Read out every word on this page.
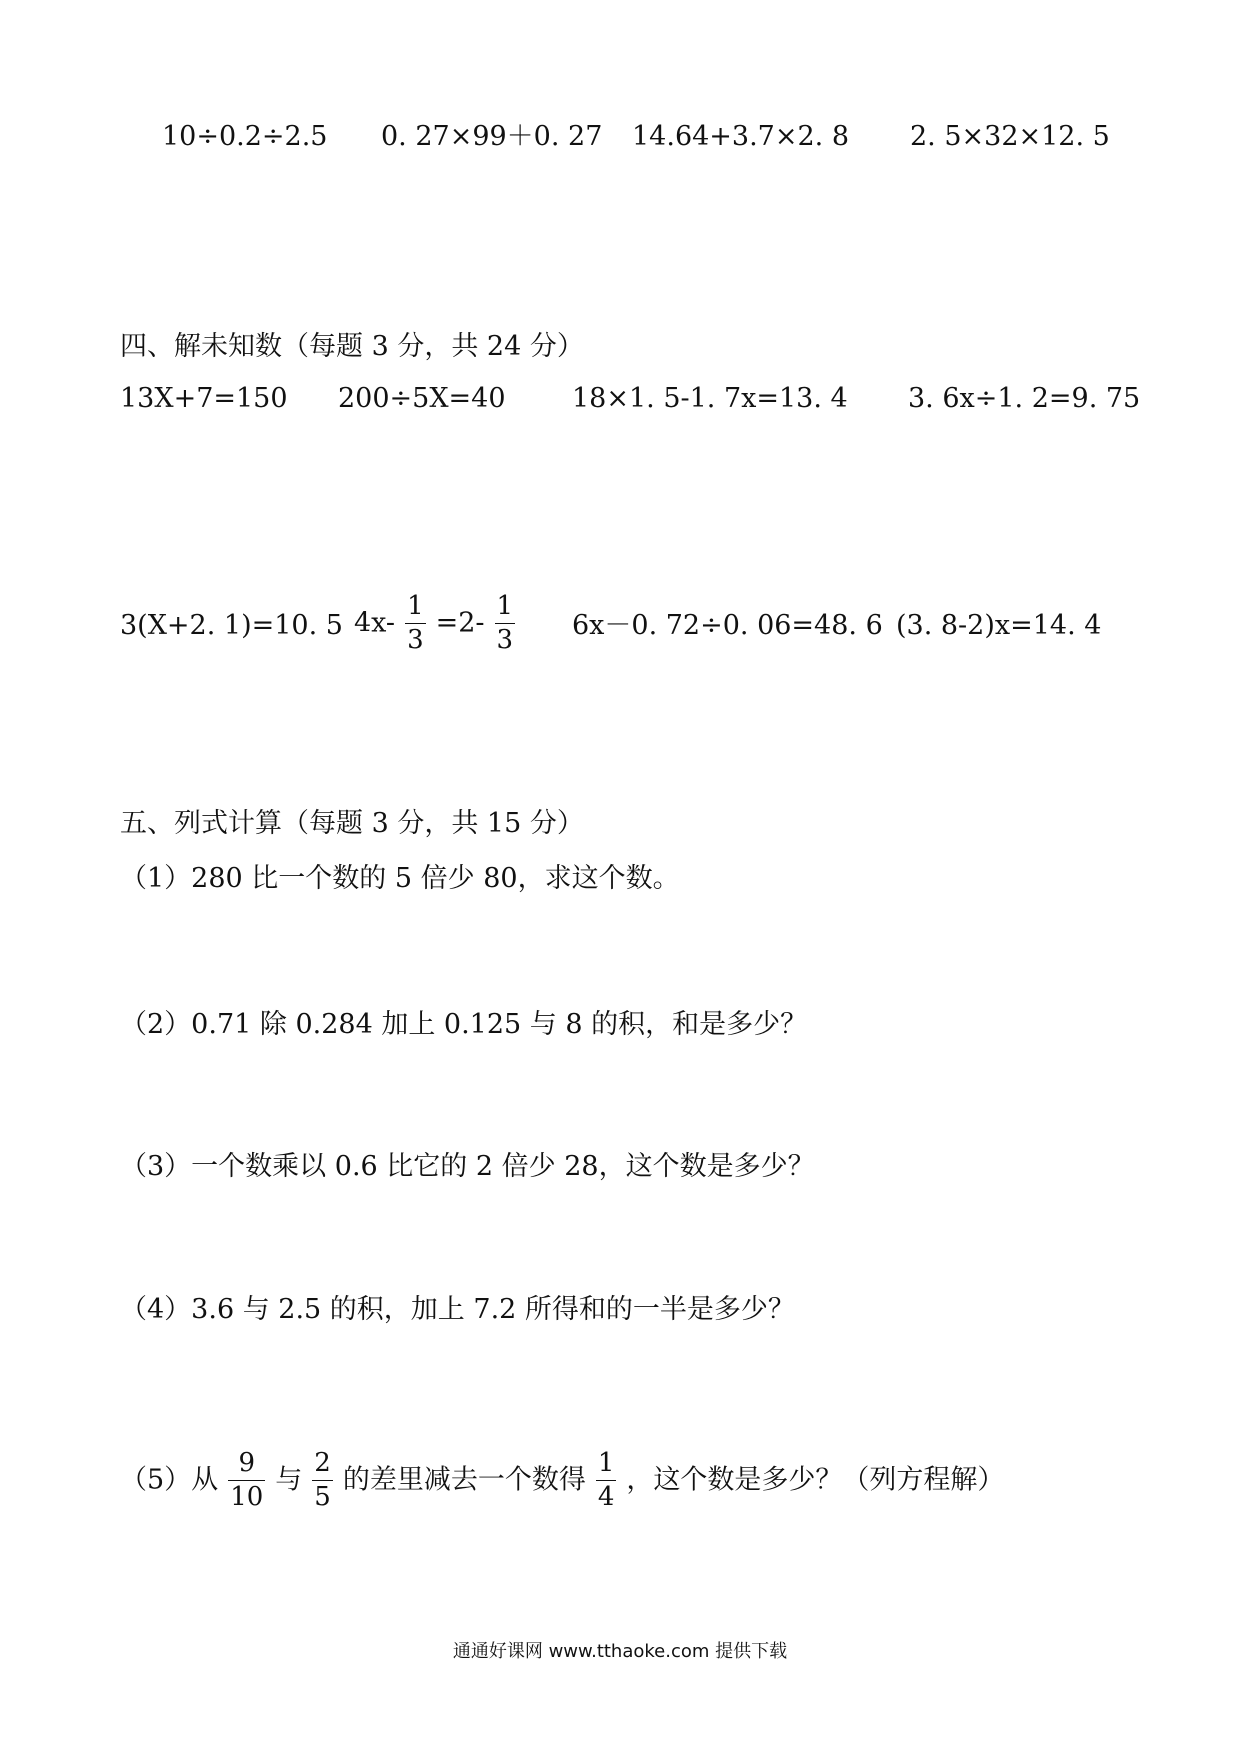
10÷0.2÷2.5 0. 27×99＋0. 27 14.64+3.7×2. 8 2. 5×32×12. 5
四、解未知数（每题 3 分，共 24 分）
13X+7=150 200÷5X=40 18×1. 5-1. 7x=13. 4 3. 6x÷1. 2=9. 75
3(X+2. 1)=10. 5 $4x- \frac{1}{3} =2- \frac{1}{3} 6x-0$. 72÷0. 06=48. 6 (3. 8-2)x=14. 4
五、列式计算（每题 3 分，共 15 分）
（1）280 比一个数的 5 倍少 80，求这个数。
（2）0.71 除 0.284 加上 0.125 与 8 的积，和是多少？
（3）一个数乘以 0.6 比它的 2 倍少 28，这个数是多少？
（4）3.6 与 2.5 的积，加上 7.2 所得和的一半是多少？
（5）从 $\frac{9}{10}$ 与 $\frac{2}{5}$ 的差里减去一个数得 $\frac{1}{4}$ ，这个数是多少？（列方程解）
通通好课网 www.tthaoke.com 提供下载
